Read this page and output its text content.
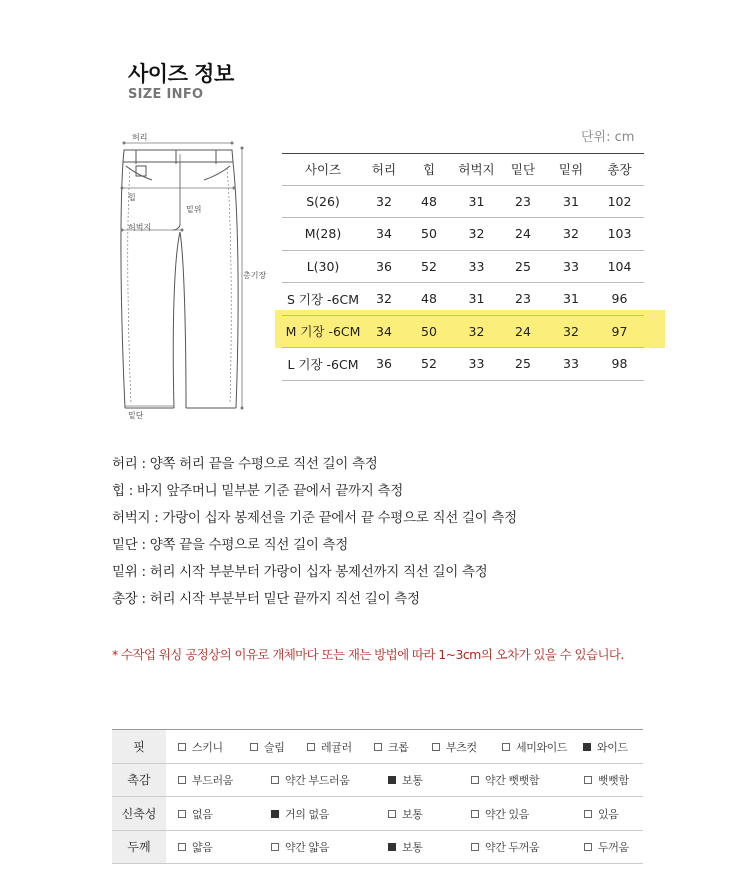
사이즈 정보
SIZE INFO
허리
힙
허벅지
밑위
총기장
밑단
단위: cm
사이즈	허리	힙	허벅지	밑단	밑위	총장
S(26)	32	48	31	23	31	102
M(28)	34	50	32	24	32	103
L(30)	36	52	33	25	33	104
S 기장 -6CM	32	48	31	23	31	96
M 기장 -6CM	34	50	32	24	32	97
L 기장 -6CM	36	52	33	25	33	98
허리 : 양쪽 허리 끝을 수평으로 직선 길이 측정
힙 : 바지 앞주머니 밑부분 기준 끝에서 끝까지 측정
허벅지 : 가랑이 십자 봉제선을 기준 끝에서 끝 수평으로 직선 길이 측정
밑단 : 양쪽 끝을 수평으로 직선 길이 측정
밑위 : 허리 시작 부분부터 가랑이 십자 봉제선까지 직선 길이 측정
총장 : 허리 시작 부분부터 밑단 끝까지 직선 길이 측정
* 수작업 워싱 공정상의 이유로 개체마다 또는 재는 방법에 따라 1~3cm의 오차가 있을 수 있습니다.
핏	스키니	슬림	레귤러	크롭	부츠컷	세미와이드	와이드
촉감	부드러움	약간 부드러움	보통	약간 뻣뻣함	뻣뻣함
신축성	없음	거의 없음	보통	약간 있음	있음
두께	얇음	약간 얇음	보통	약간 두꺼움	두꺼움
